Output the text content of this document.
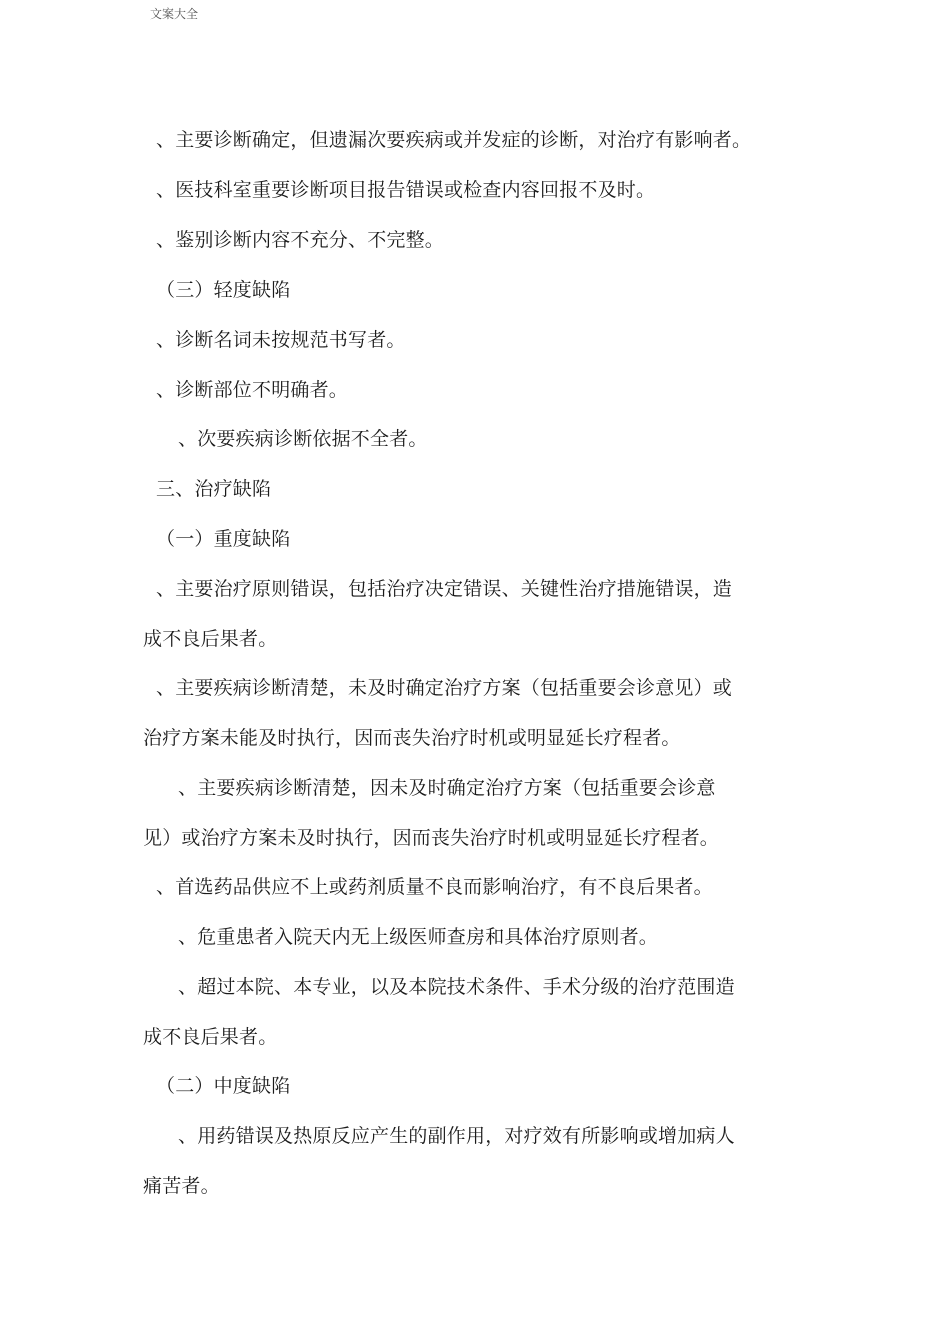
文案大全
、主要诊断确定，但遗漏次要疾病或并发症的诊断，对治疗有影响者。
、医技科室重要诊断项目报告错误或检查内容回报不及时。
、鉴别诊断内容不充分、不完整。
（三）轻度缺陷
、诊断名词未按规范书写者。
、诊断部位不明确者。
、次要疾病诊断依据不全者。
三、治疗缺陷
（一）重度缺陷
、主要治疗原则错误，包括治疗决定错误、关键性治疗措施错误，造
成不良后果者。
、主要疾病诊断清楚，未及时确定治疗方案（包括重要会诊意见）或
治疗方案未能及时执行，因而丧失治疗时机或明显延长疗程者。
、主要疾病诊断清楚，因未及时确定治疗方案（包括重要会诊意
见）或治疗方案未及时执行，因而丧失治疗时机或明显延长疗程者。
、首选药品供应不上或药剂质量不良而影响治疗，有不良后果者。
、危重患者入院天内无上级医师查房和具体治疗原则者。
、超过本院、本专业，以及本院技术条件、手术分级的治疗范围造
成不良后果者。
（二）中度缺陷
、用药错误及热原反应产生的副作用，对疗效有所影响或增加病人
痛苦者。
